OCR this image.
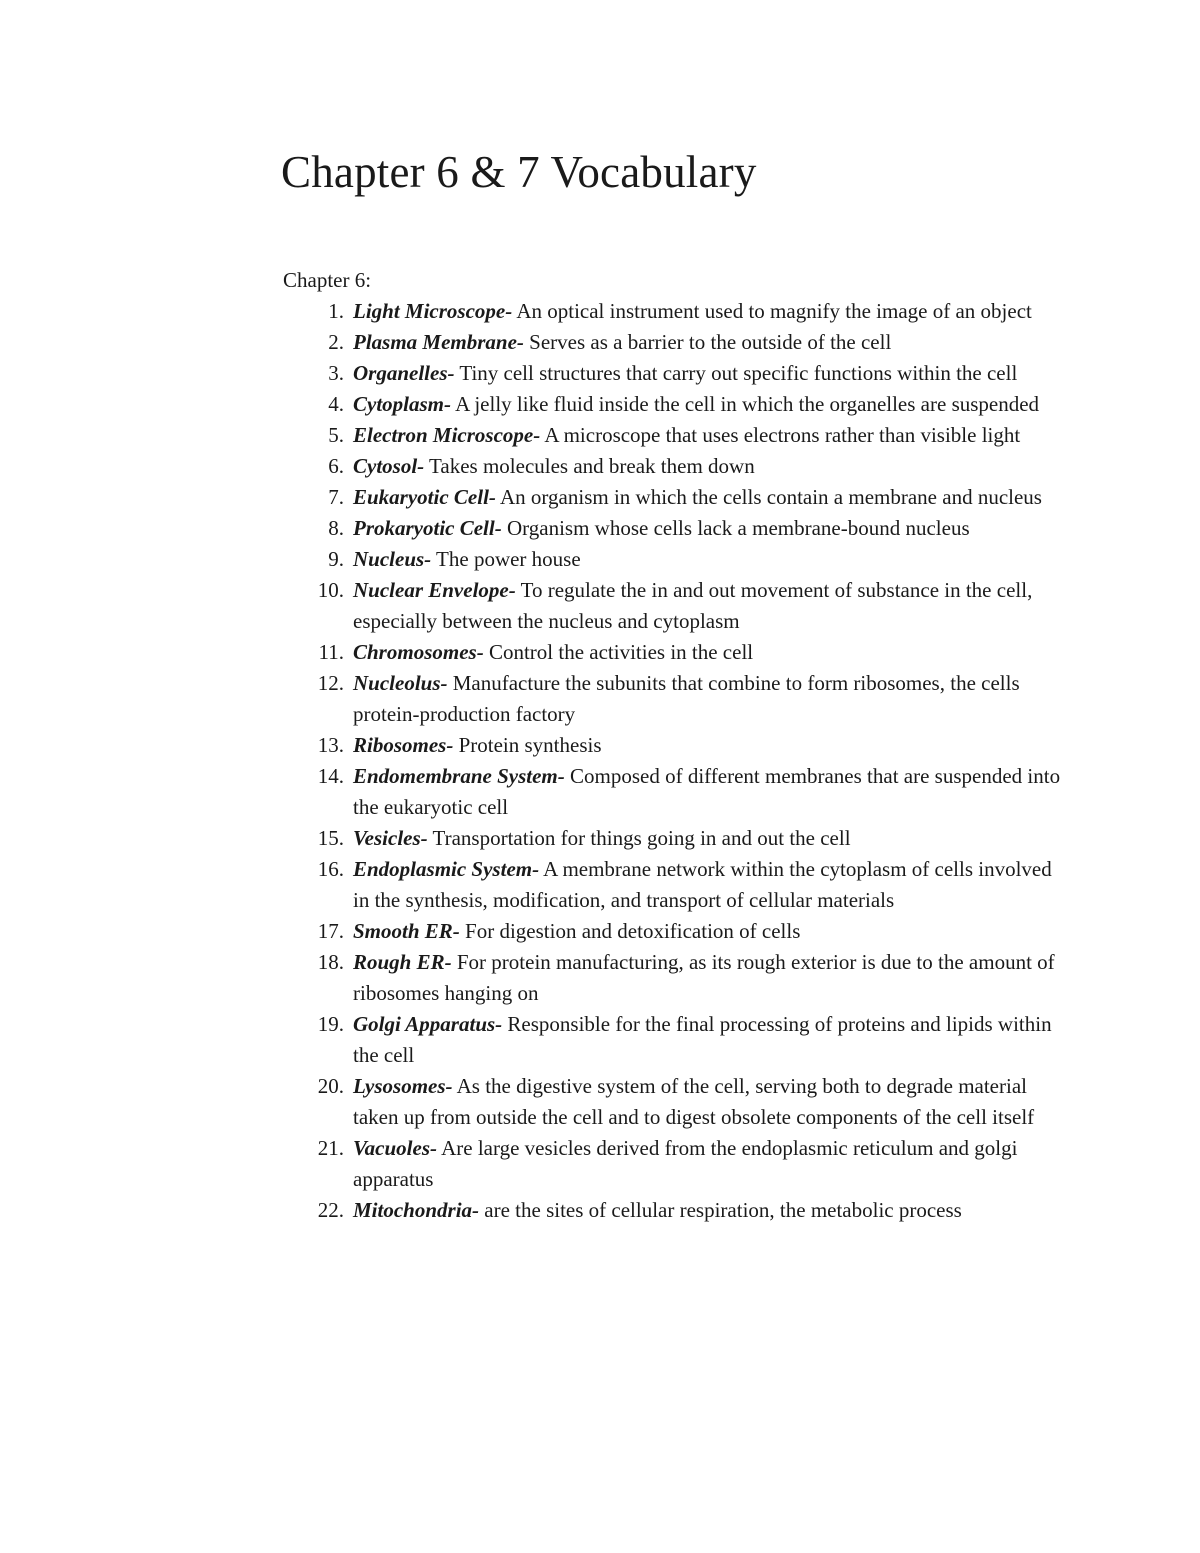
Chapter 6 & 7 Vocabulary
Chapter 6:
1. Light Microscope- An optical instrument used to magnify the image of an object

2. Plasma Membrane- Serves as a barrier to the outside of the cell

3. Organelles- Tiny cell structures that carry out specific functions within the cell

4. Cytoplasm- A jelly like fluid inside the cell in which the organelles are suspended

5. Electron Microscope- A microscope that uses electrons rather than visible light

6. Cytosol- Takes molecules and break them down

7. Eukaryotic Cell- An organism in which the cells contain a membrane and nucleus

8. Prokaryotic Cell- Organism whose cells lack a membrane-bound nucleus

9. Nucleus- The power house

10. Nuclear Envelope- To regulate the in and out movement of substance in the cell, especially between the nucleus and cytoplasm

11. Chromosomes- Control the activities in the cell

12. Nucleolus- Manufacture the subunits that combine to form ribosomes, the cells protein-production factory

13. Ribosomes- Protein synthesis

14. Endomembrane System- Composed of different membranes that are suspended into the eukaryotic cell

15. Vesicles- Transportation for things going in and out the cell

16. Endoplasmic System- A membrane network within the cytoplasm of cells involved in the synthesis, modification, and transport of cellular materials

17. Smooth ER- For digestion and detoxification of cells

18. Rough ER- For protein manufacturing, as its rough exterior is due to the amount of ribosomes hanging on

19. Golgi Apparatus- Responsible for the final processing of proteins and lipids within the cell

20. Lysosomes- As the digestive system of the cell, serving both to degrade material taken up from outside the cell and to digest obsolete components of the cell itself

21. Vacuoles- Are large vesicles derived from the endoplasmic reticulum and golgi apparatus

22. Mitochondria- are the sites of cellular respiration, the metabolic process
